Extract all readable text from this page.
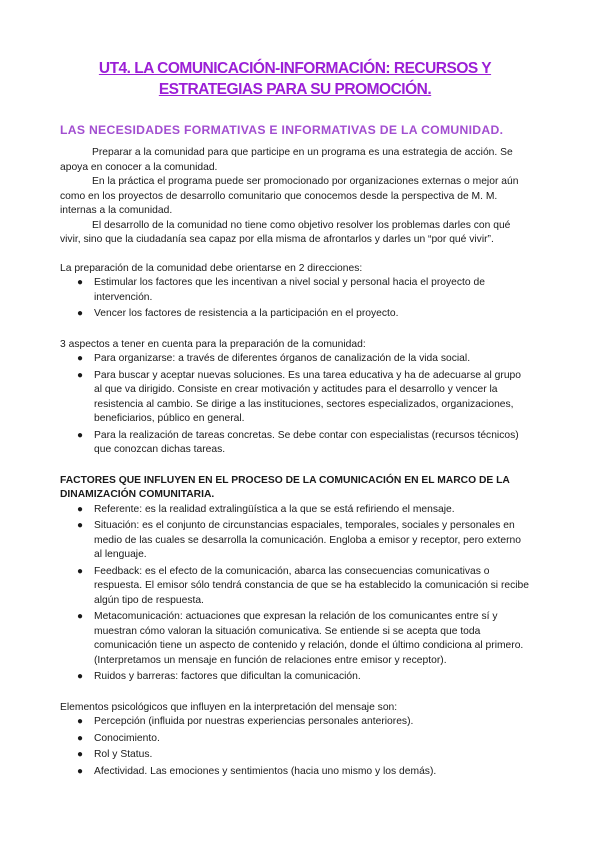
UT4. LA COMUNICACIÓN-INFORMACIÓN: RECURSOS Y ESTRATEGIAS PARA SU PROMOCIÓN.
LAS NECESIDADES FORMATIVAS E INFORMATIVAS DE LA COMUNIDAD.

Preparar a la comunidad para que participe en un programa es una estrategia de acción. Se apoya en conocer a la comunidad.

En la práctica el programa puede ser promocionado por organizaciones externas o mejor aún como en los proyectos de desarrollo comunitario que conocemos desde la perspectiva de M. M. internas a la comunidad.

El desarrollo de la comunidad no tiene como objetivo resolver los problemas darles con qué vivir, sino que la ciudadanía sea capaz por ella misma de afrontarlos y darles un “por qué vivir”.

La preparación de la comunidad debe orientarse en 2 direcciones:

● Estimular los factores que les incentivan a nivel social y personal hacia el proyecto de intervención.
● Vencer los factores de resistencia a la participación en el proyecto.

3 aspectos a tener en cuenta para la preparación de la comunidad:

● Para organizarse: a través de diferentes órganos de canalización de la vida social.
● Para buscar y aceptar nuevas soluciones. Es una tarea educativa y ha de adecuarse al grupo al que va dirigido. Consiste en crear motivación y actitudes para el desarrollo y vencer la resistencia al cambio. Se dirige a las instituciones, sectores especializados, organizaciones, beneficiarios, público en general.
● Para la realización de tareas concretas. Se debe contar con especialistas (recursos técnicos) que conozcan dichas tareas.

FACTORES QUE INFLUYEN EN EL PROCESO DE LA COMUNICACIÓN EN EL MARCO DE LA DINAMIZACIÓN COMUNITARIA.

● Referente: es la realidad extralingüística a la que se está refiriendo el mensaje.
● Situación: es el conjunto de circunstancias espaciales, temporales, sociales y personales en medio de las cuales se desarrolla la comunicación. Engloba a emisor y receptor, pero externo al lenguaje.
● Feedback: es el efecto de la comunicación, abarca las consecuencias comunicativas o respuesta. El emisor sólo tendrá constancia de que se ha establecido la comunicación si recibe algún tipo de respuesta.
● Metacomunicación: actuaciones que expresan la relación de los comunicantes entre sí y muestran cómo valoran la situación comunicativa. Se entiende si se acepta que toda comunicación tiene un aspecto de contenido y relación, donde el último condiciona al primero. (Interpretamos un mensaje en función de relaciones entre emisor y receptor).
● Ruidos y barreras: factores que dificultan la comunicación.

Elementos psicológicos que influyen en la interpretación del mensaje son:

● Percepción (influida por nuestras experiencias personales anteriores).
● Conocimiento.
● Rol y Status.
● Afectividad. Las emociones y sentimientos (hacia uno mismo y los demás).
